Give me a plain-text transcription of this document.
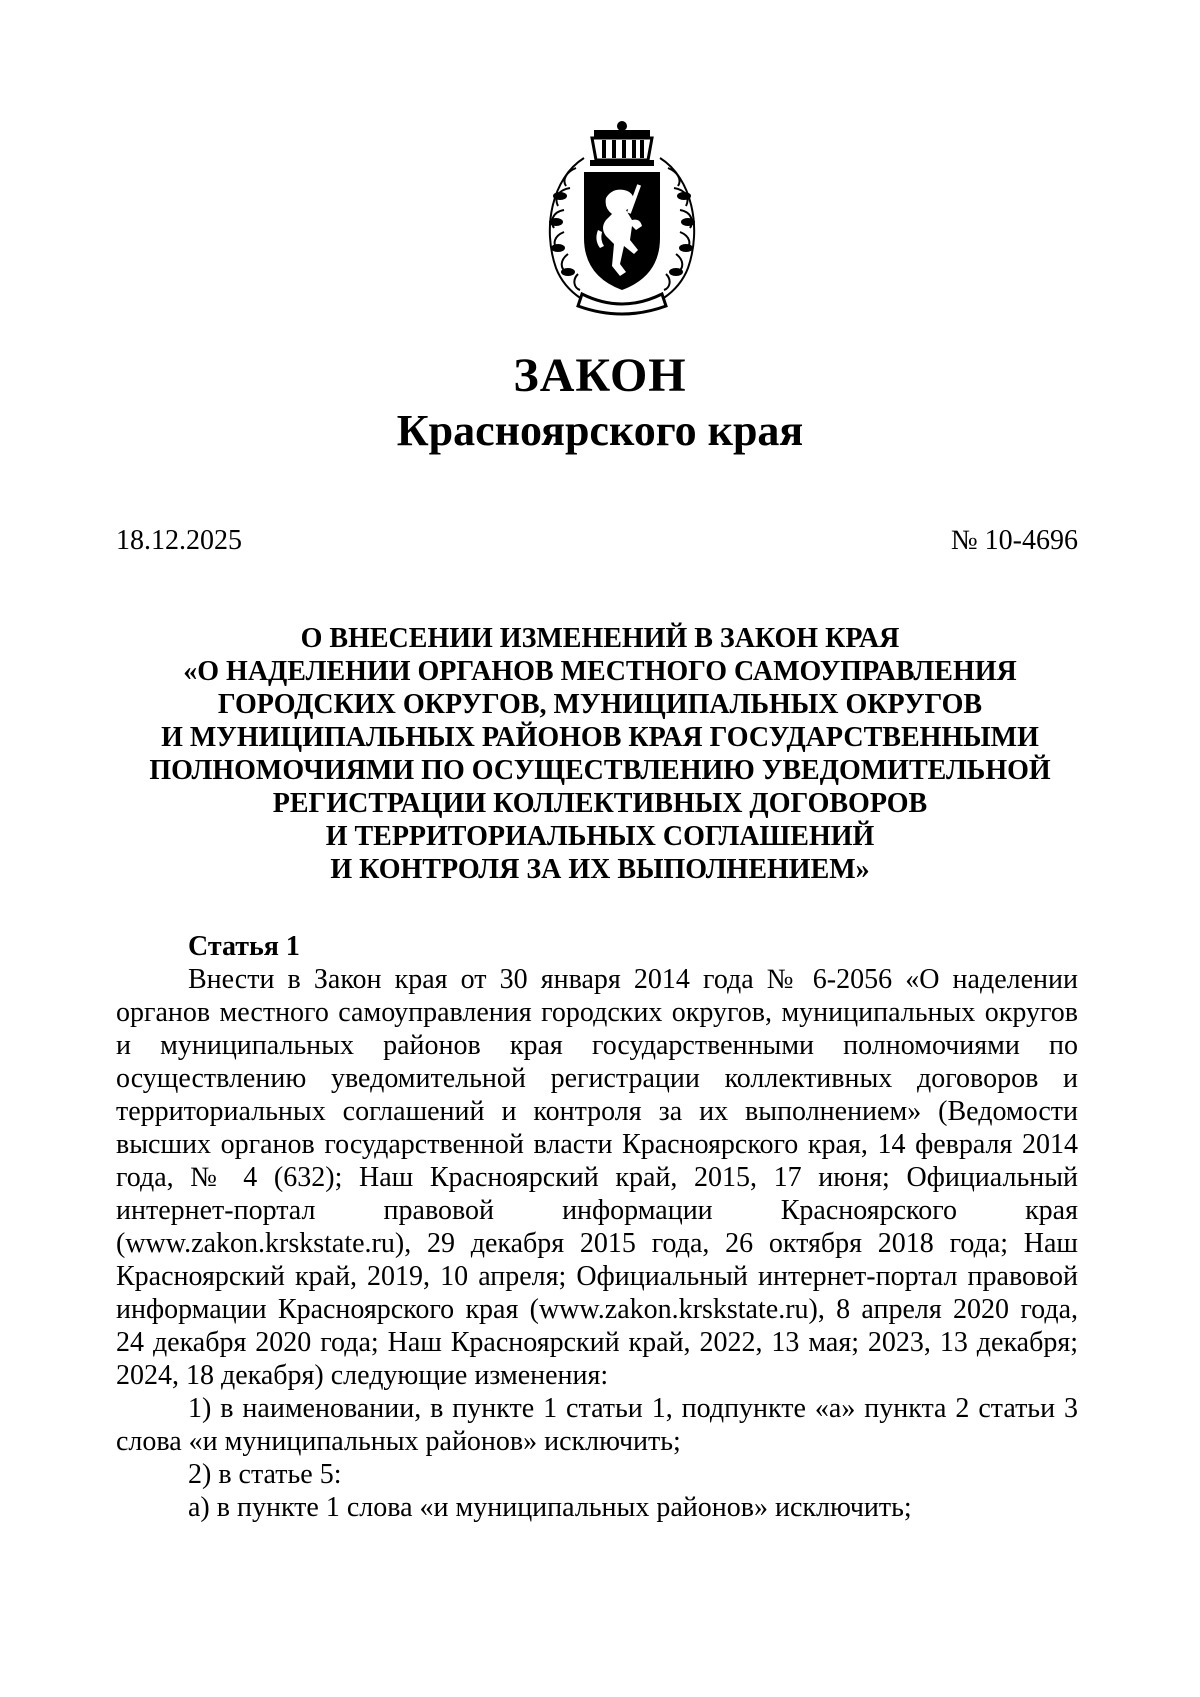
ЗАКОН
Красноярского края
18.12.2025	№ 10-4696
О ВНЕСЕНИИ ИЗМЕНЕНИЙ В ЗАКОН КРАЯ
«О НАДЕЛЕНИИ ОРГАНОВ МЕСТНОГО САМОУПРАВЛЕНИЯ
ГОРОДСКИХ ОКРУГОВ, МУНИЦИПАЛЬНЫХ ОКРУГОВ
И МУНИЦИПАЛЬНЫХ РАЙОНОВ КРАЯ ГОСУДАРСТВЕННЫМИ
ПОЛНОМОЧИЯМИ ПО ОСУЩЕСТВЛЕНИЮ УВЕДОМИТЕЛЬНОЙ
РЕГИСТРАЦИИ КОЛЛЕКТИВНЫХ ДОГОВОРОВ
И ТЕРРИТОРИАЛЬНЫХ СОГЛАШЕНИЙ
И КОНТРОЛЯ ЗА ИХ ВЫПОЛНЕНИЕМ»
Статья 1

Внести в Закон края от 30 января 2014 года № 6-2056 «О наделении органов местного самоуправления городских округов, муниципальных округов и муниципальных районов края государственными полномочиями по осуществлению уведомительной регистрации коллективных договоров и территориальных соглашений и контроля за их выполнением» (Ведомости высших органов государственной власти Красноярского края, 14 февраля 2014 года, № 4 (632); Наш Красноярский край, 2015, 17 июня; Официальный интернет-портал правовой информации Красноярского края (www.zakon.krskstate.ru), 29 декабря 2015 года, 26 октября 2018 года; Наш Красноярский край, 2019, 10 апреля; Официальный интернет-портал правовой информации Красноярского края (www.zakon.krskstate.ru), 8 апреля 2020 года, 24 декабря 2020 года; Наш Красноярский край, 2022, 13 мая; 2023, 13 декабря; 2024, 18 декабря) следующие изменения:

1) в наименовании, в пункте 1 статьи 1, подпункте «а» пункта 2 статьи 3 слова «и муниципальных районов» исключить;

2) в статье 5:

а) в пункте 1 слова «и муниципальных районов» исключить;
